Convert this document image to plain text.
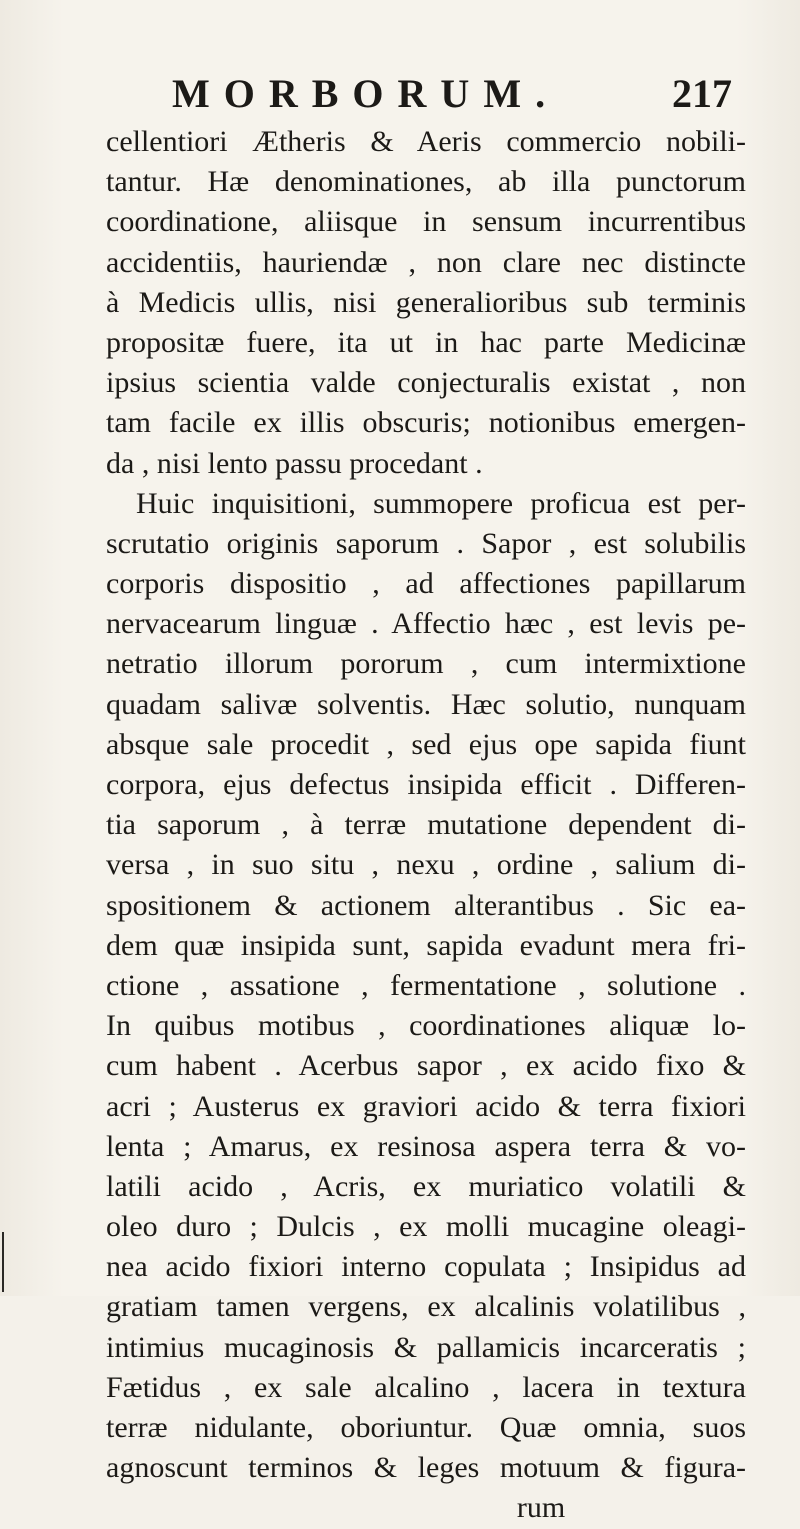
MORBORUM.	217
cellentiori Ætheris & Aeris commercio nobili-
tantur. Hæ denominationes, ab illa punctorum
coordinatione, aliisque in sensum incurrentibus
accidentiis, hauriendæ , non clare nec distincte
à Medicis ullis, nisi generalioribus sub terminis
propositæ fuere, ita ut in hac parte Medicinæ
ipsius scientia valde conjecturalis existat , non
tam facile ex illis obscuris; notionibus emergen-
da , nisi lento passu procedant .
Huic inquisitioni, summopere proficua est per-
scrutatio originis saporum . Sapor , est solubilis
corporis dispositio , ad affectiones papillarum
nervacearum linguæ . Affectio hæc , est levis pe-
netratio illorum pororum , cum intermixtione
quadam salivæ solventis. Hæc solutio, nunquam
absque sale procedit , sed ejus ope sapida fiunt
corpora, ejus defectus insipida efficit . Differen-
tia saporum , à terræ mutatione dependent di-
versa , in suo situ , nexu , ordine , salium di-
spositionem & actionem alterantibus . Sic ea-
dem quæ insipida sunt, sapida evadunt mera fri-
ctione , assatione , fermentatione , solutione .
In quibus motibus , coordinationes aliquæ lo-
cum habent . Acerbus sapor , ex acido fixo &
acri ; Austerus ex graviori acido & terra fixiori
lenta ; Amarus, ex resinosa aspera terra & vo-
latili acido , Acris, ex muriatico volatili &
oleo duro ; Dulcis , ex molli mucagine oleagi-
nea acido fixiori interno copulata ; Insipidus ad
gratiam tamen vergens, ex alcalinis volatilibus ,
intimius mucaginosis & pallamicis incarceratis ;
Fætidus , ex sale alcalino , lacera in textura
terræ nidulante, oboriuntur. Quæ omnia, suos
agnoscunt terminos & leges motuum & figura-
rum
